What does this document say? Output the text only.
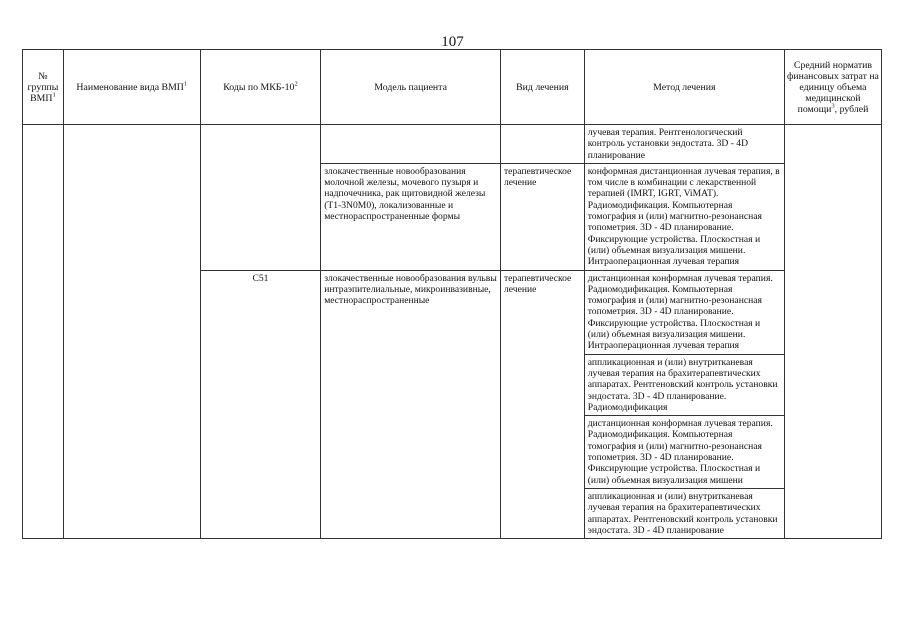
107
№ группы ВМП$^1$	Наименование вида ВМП$^1$	Коды по МКБ-$10^2$	Модель пациента	Вид лечения	Метод лечения	Средний норматив финансовых затрат на единицу объема медицинской помощи$^3$, рублей
					лучевая терапия. Рентгенологический контроль установки эндостата. 3D - 4D планирование	
			злокачественные новообразования молочной железы, мочевого пузыря и надпочечника, рак щитовидной железы (T1-3N0M0), локализованные и местнораспространенные формы	терапевтическое лечение	конформная дистанционная лучевая терапия, в том числе в комбинации с лекарственной терапией (IMRT, IGRT, ViMAT). Радиомодификация. Компьютерная томография и (или) магнитно-резонансная топометрия. 3D - 4D планирование. Фиксирующие устройства. Плоскостная и (или) объемная визуализация мишени. Интраоперационная лучевая терапия	
		C51	злокачественные новообразования вульвы интраэпителиальные, микроинвазивные, местнораспространенные	терапевтическое лечение	дистанционная конформная лучевая терапия. Радиомодификация. Компьютерная томография и (или) магнитно-резонансная топометрия. 3D - 4D планирование. Фиксирующие устройства. Плоскостная и (или) объемная визуализация мишени. Интраоперационная лучевая терапия	
					аппликационная и (или) внутритканевая лучевая терапия на брахитерапевтических аппаратах. Рентгеновский контроль установки эндостата. 3D - 4D планирование. Радиомодификация	
					дистанционная конформная лучевая терапия. Радиомодификация. Компьютерная томография и (или) магнитно-резонансная топометрия. 3D - 4D планирование. Фиксирующие устройства. Плоскостная и (или) объемная визуализация мишени	
					аппликационная и (или) внутритканевая лучевая терапия на брахитерапевтических аппаратах. Рентгеновский контроль установки эндостата. 3D - 4D планирование	
